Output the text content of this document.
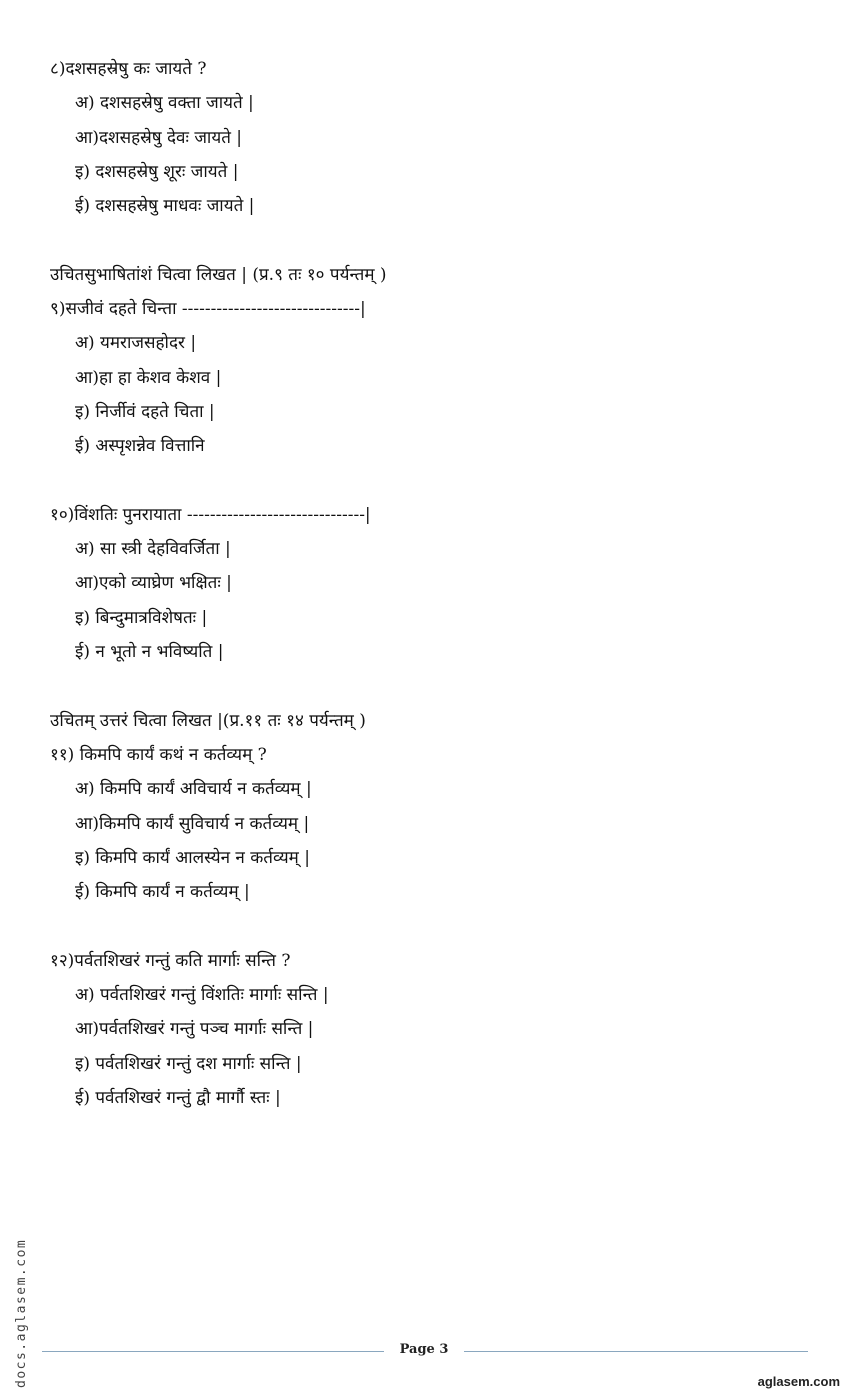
८)दशसहस्रेषु कः जायते ?
अ) दशसहस्रेषु वक्ता जायते |
आ)दशसहस्रेषु देवः जायते |
इ) दशसहस्रेषु शूरः जायते |
ई) दशसहस्रेषु माधवः जायते |
उचितसुभाषितांशं चित्वा लिखत | (प्र.९ तः १० पर्यन्तम् )
९)सजीवं दहते चिन्ता -------------------------------|
अ) यमराजसहोदर |
आ)हा हा केशव केशव |
इ) निर्जीवं दहते चिता |
ई) अस्पृशन्नेव वित्तानि
१०)विंशतिः पुनरायाता -------------------------------|
अ) सा स्त्री देहविवर्जिता |
आ)एको व्याघ्रेण भक्षितः |
इ) बिन्दुमात्रविशेषतः |
ई) न भूतो न भविष्यति |
उचितम् उत्तरं चित्वा लिखत |(प्र.११ तः १४ पर्यन्तम् )
११) किमपि कार्यं कथं न कर्तव्यम् ?
अ) किमपि कार्यं अविचार्य न कर्तव्यम् |
आ)किमपि कार्यं सुविचार्य न कर्तव्यम् |
इ) किमपि कार्यं आलस्येन न कर्तव्यम् |
ई) किमपि कार्यं न कर्तव्यम् |
१२)पर्वतशिखरं गन्तुं कति मार्गाः सन्ति ?
अ) पर्वतशिखरं गन्तुं विंशतिः मार्गाः सन्ति |
आ)पर्वतशिखरं गन्तुं पञ्च मार्गाः सन्ति |
इ) पर्वतशिखरं गन्तुं दश मार्गाः सन्ति |
ई) पर्वतशिखरं गन्तुं द्वौ मार्गौ स्तः |
docs.aglasem.com	Page 3
aglasem.com
